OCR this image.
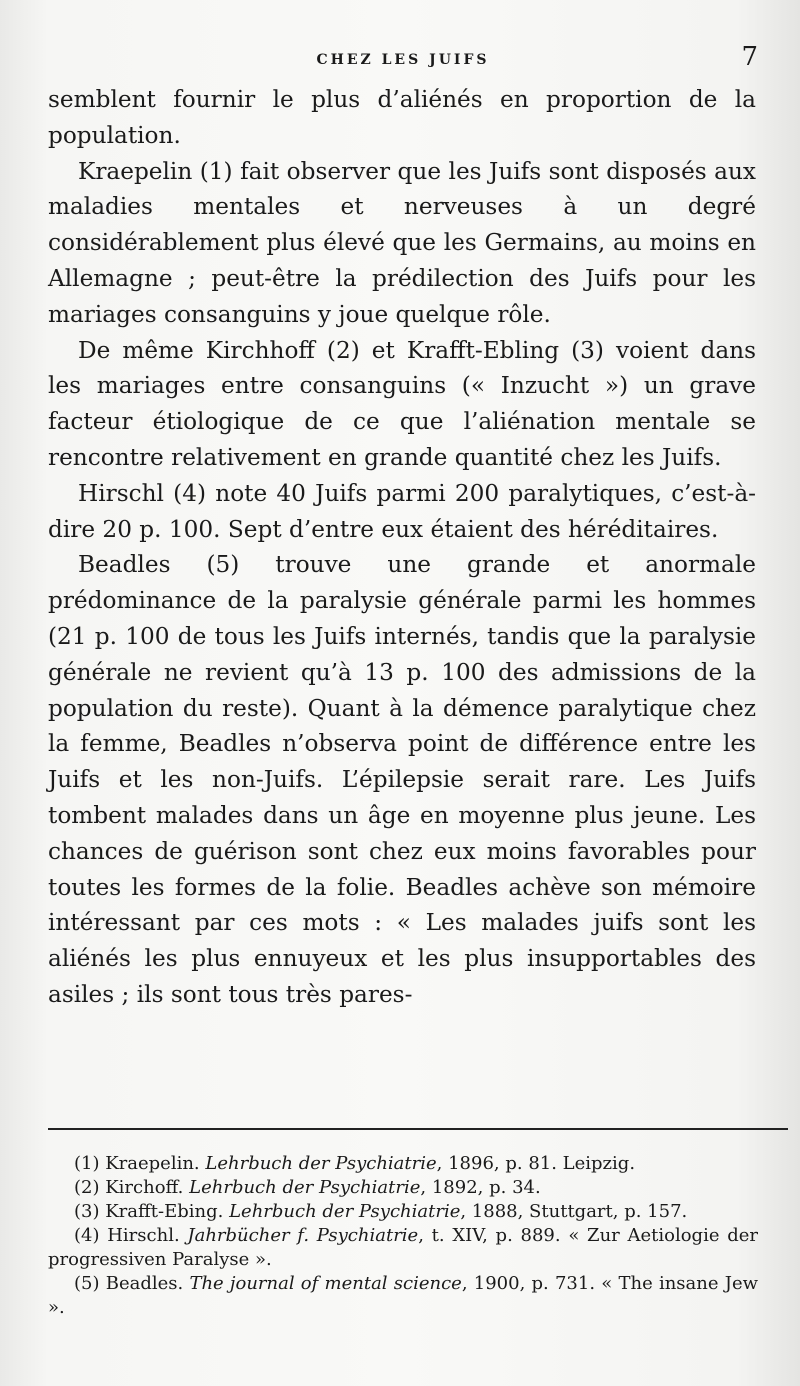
CHEZ LES JUIFS	7

semblent fournir le plus d’aliénés en proportion de la population.

Kraepelin (1) fait observer que les Juifs sont disposés aux maladies mentales et nerveuses à un degré considérablement plus élevé que les Germains, au moins en Allemagne ; peut-être la prédilection des Juifs pour les mariages consanguins y joue quelque rôle.

De même Kirchhoff (2) et Krafft-Ebling (3) voient dans les mariages entre consanguins (« Inzucht ») un grave facteur étiologique de ce que l’aliénation mentale se rencontre relativement en grande quantité chez les Juifs.

Hirschl (4) note 40 Juifs parmi 200 paralytiques, c’est-à-dire 20 p. 100. Sept d’entre eux étaient des héréditaires.

Beadles (5) trouve une grande et anormale prédominance de la paralysie générale parmi les hommes (21 p. 100 de tous les Juifs internés, tandis que la paralysie générale ne revient qu’à 13 p. 100 des admissions de la population du reste). Quant à la démence paralytique chez la femme, Beadles n’observa point de différence entre les Juifs et les non-Juifs. L’épilepsie serait rare. Les Juifs tombent malades dans un âge en moyenne plus jeune. Les chances de guérison sont chez eux moins favorables pour toutes les formes de la folie. Beadles achève son mémoire intéressant par ces mots : « Les malades juifs sont les aliénés les plus ennuyeux et les plus insupportables des asiles ; ils sont tous très pares-

(1) Kraepelin. Lehrbuch der Psychiatrie, 1896, p. 81. Leipzig.

(2) Kirchoff. Lehrbuch der Psychiatrie, 1892, p. 34.

(3) Krafft-Ebing. Lehrbuch der Psychiatrie, 1888, Stuttgart, p. 157.

(4) Hirschl. Jahrbücher f. Psychiatrie, t. XIV, p. 889. « Zur Aetiologie der progressiven Paralyse ».

(5) Beadles. The journal of mental science, 1900, p. 731. « The insane Jew ».
